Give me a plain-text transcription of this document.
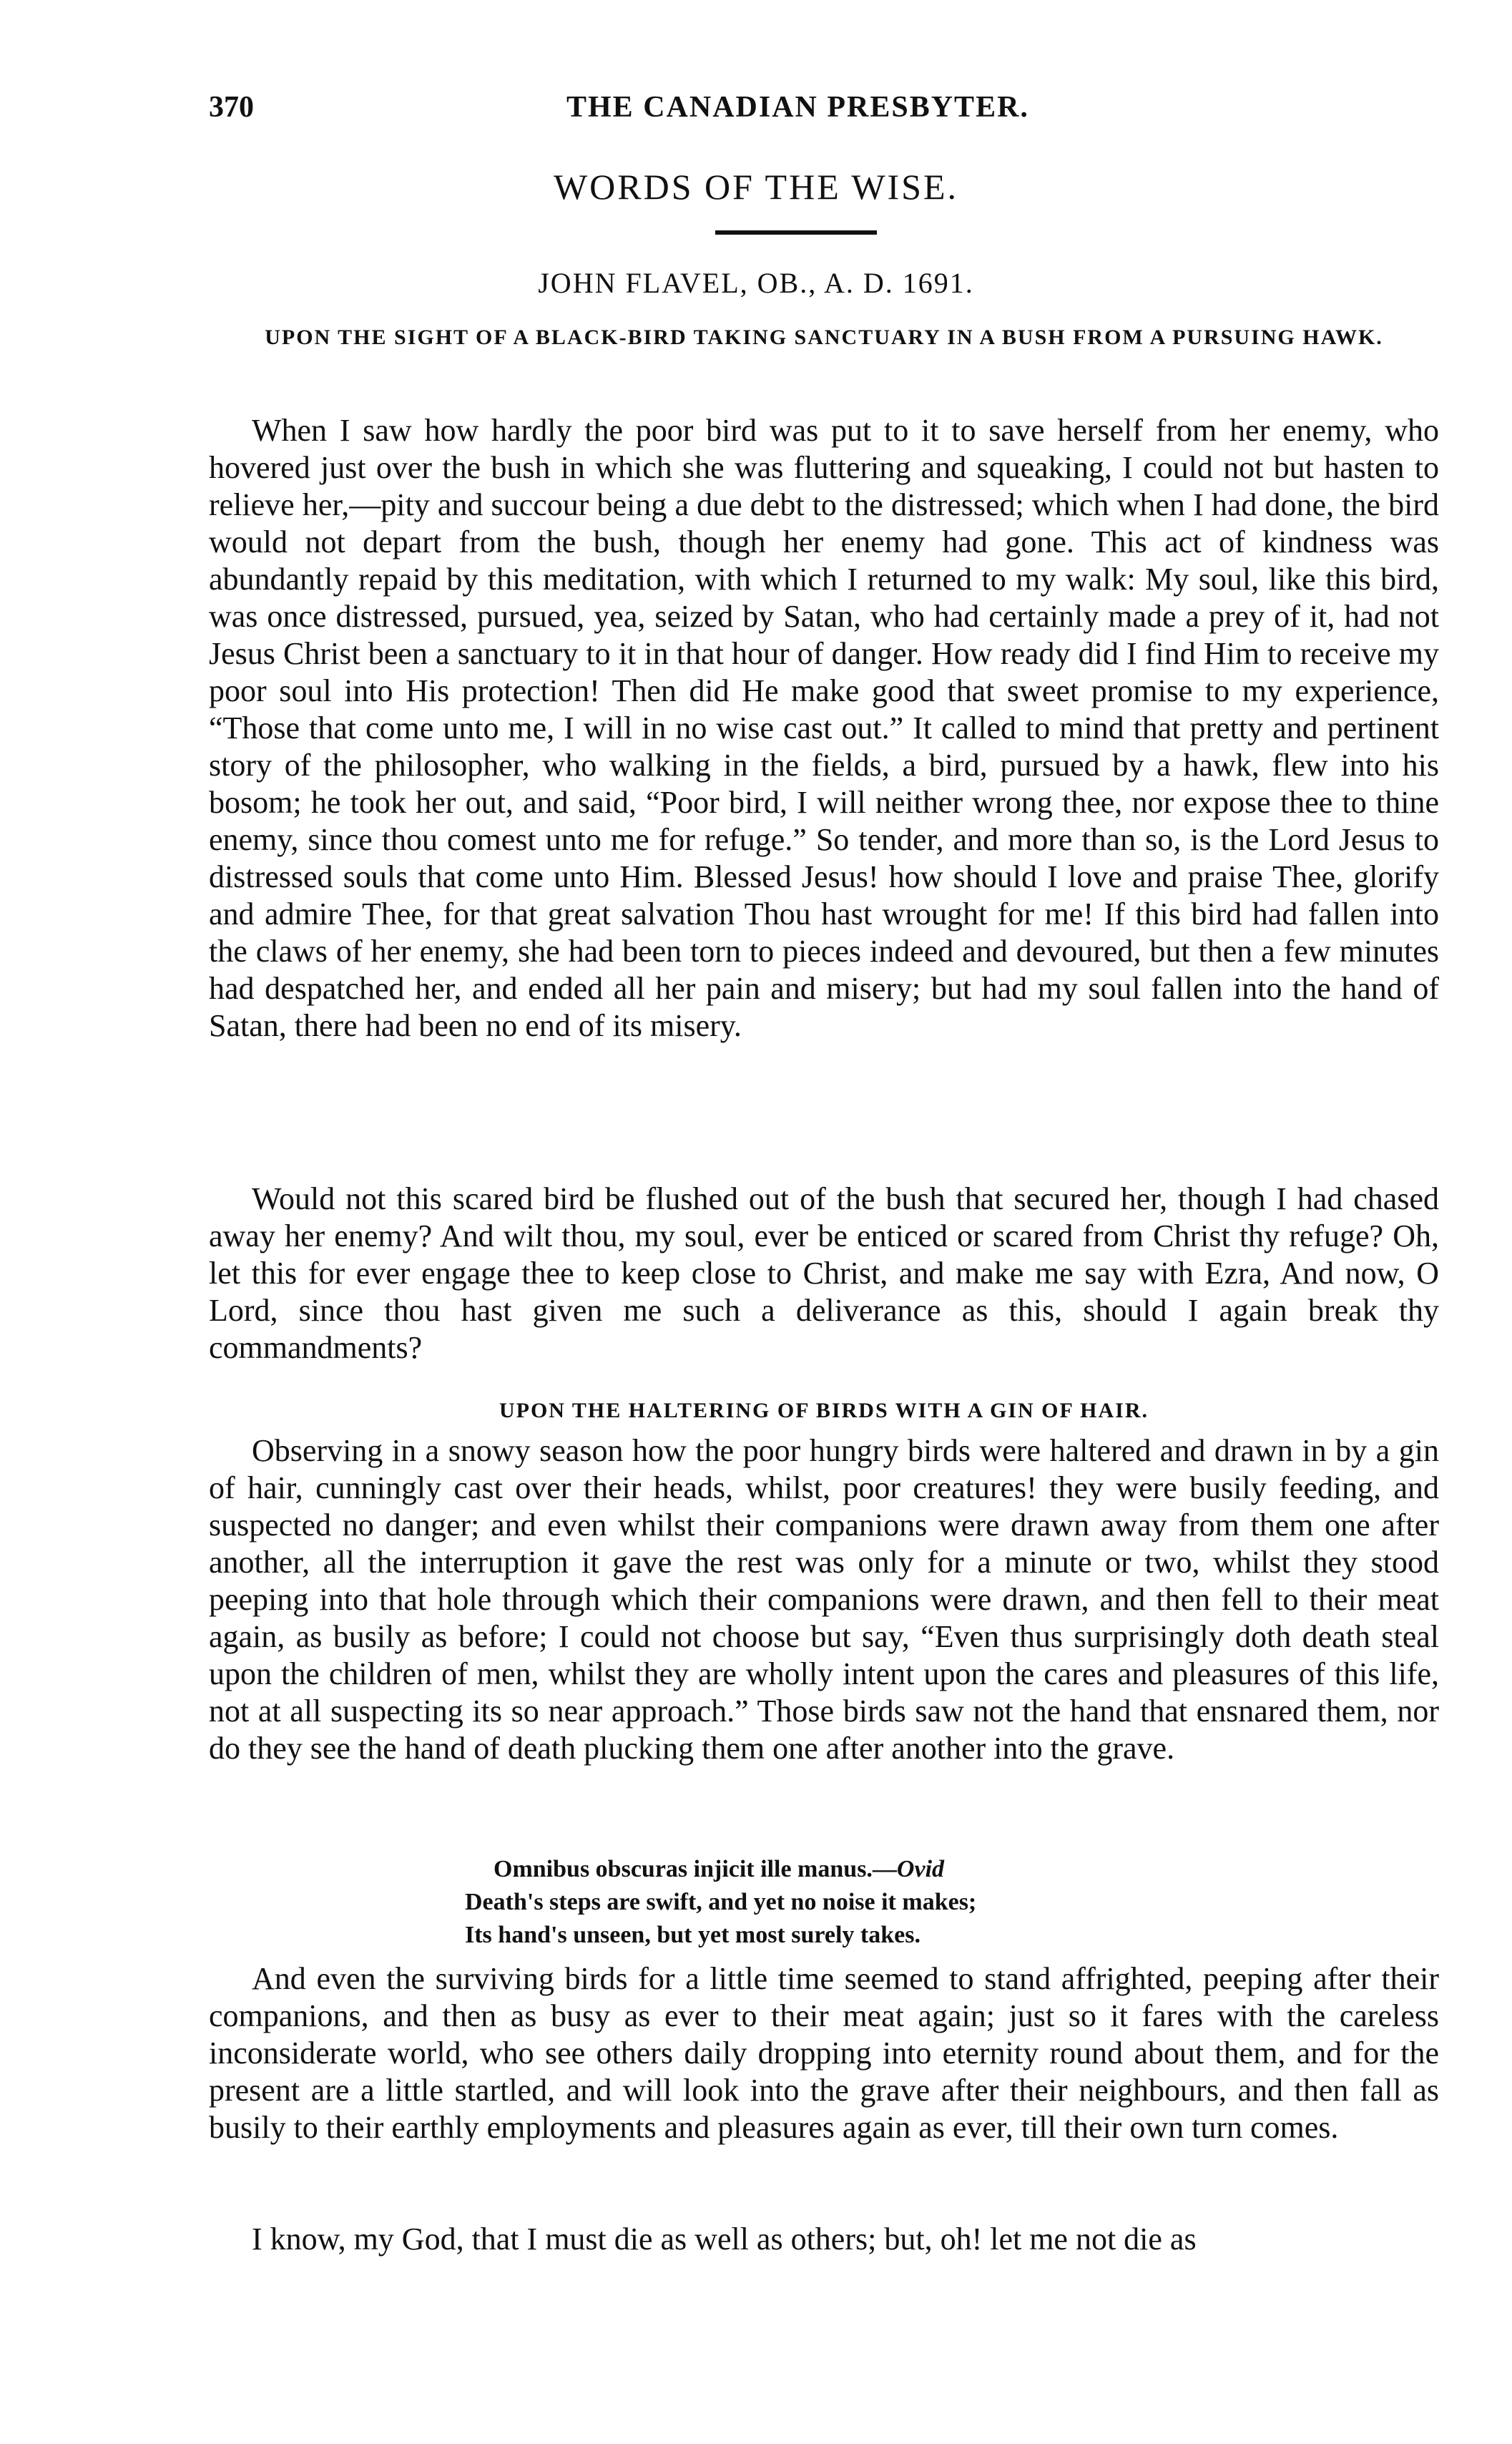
370	THE CANADIAN PRESBYTER.
WORDS OF THE WISE.
JOHN FLAVEL, OB., A. D. 1691.
UPON THE SIGHT OF A BLACK-BIRD TAKING SANCTUARY IN A BUSH FROM A PURSUING HAWK.

When I saw how hardly the poor bird was put to it to save herself from her enemy, who hovered just over the bush in which she was fluttering and squeaking, I could not but hasten to relieve her,—pity and succour being a due debt to the distressed; which when I had done, the bird would not depart from the bush, though her enemy had gone. This act of kindness was abundantly repaid by this meditation, with which I returned to my walk: My soul, like this bird, was once distressed, pursued, yea, seized by Satan, who had certainly made a prey of it, had not Jesus Christ been a sanctuary to it in that hour of danger. How ready did I find Him to receive my poor soul into His protection! Then did He make good that sweet promise to my experience, “Those that come unto me, I will in no wise cast out.” It called to mind that pretty and pertinent story of the philosopher, who walking in the fields, a bird, pursued by a hawk, flew into his bosom; he took her out, and said, “Poor bird, I will neither wrong thee, nor expose thee to thine enemy, since thou comest unto me for refuge.” So tender, and more than so, is the Lord Jesus to distressed souls that come unto Him. Blessed Jesus! how should I love and praise Thee, glorify and admire Thee, for that great salvation Thou hast wrought for me! If this bird had fallen into the claws of her enemy, she had been torn to pieces indeed and devoured, but then a few minutes had despatched her, and ended all her pain and misery; but had my soul fallen into the hand of Satan, there had been no end of its misery.

Would not this scared bird be flushed out of the bush that secured her, though I had chased away her enemy? And wilt thou, my soul, ever be enticed or scared from Christ thy refuge? Oh, let this for ever engage thee to keep close to Christ, and make me say with Ezra, And now, O Lord, since thou hast given me such a deliverance as this, should I again break thy commandments?

UPON THE HALTERING OF BIRDS WITH A GIN OF HAIR.

Observing in a snowy season how the poor hungry birds were haltered and drawn in by a gin of hair, cunningly cast over their heads, whilst, poor creatures! they were busily feeding, and suspected no danger; and even whilst their companions were drawn away from them one after another, all the interruption it gave the rest was only for a minute or two, whilst they stood peeping into that hole through which their companions were drawn, and then fell to their meat again, as busily as before; I could not choose but say, “Even thus surprisingly doth death steal upon the children of men, whilst they are wholly intent upon the cares and pleasures of this life, not at all suspecting its so near approach.” Those birds saw not the hand that ensnared them, nor do they see the hand of death plucking them one after another into the grave.

Omnibus obscuras injicit ille manus.—Ovid
Death's steps are swift, and yet no noise it makes;
Its hand's unseen, but yet most surely takes.

And even the surviving birds for a little time seemed to stand affrighted, peeping after their companions, and then as busy as ever to their meat again; just so it fares with the careless inconsiderate world, who see others daily dropping into eternity round about them, and for the present are a little startled, and will look into the grave after their neighbours, and then fall as busily to their earthly employments and pleasures again as ever, till their own turn comes.

I know, my God, that I must die as well as others; but, oh! let me not die as
